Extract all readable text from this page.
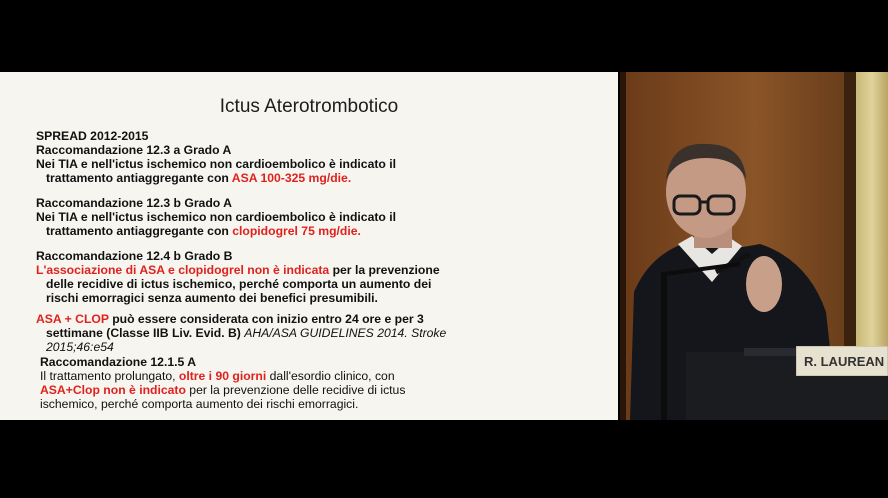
Ictus Aterotrombotico
SPREAD 2012-2015
Raccomandazione 12.3 a Grado A
Nei TIA e nell'ictus ischemico non cardioembolico è indicato il
trattamento antiaggregante con ASA 100-325 mg/die.
Raccomandazione 12.3 b Grado A
Nei TIA e nell'ictus ischemico non cardioembolico è indicato il
trattamento antiaggregante con clopidogrel 75 mg/die.
Raccomandazione 12.4 b Grado B
L'associazione di ASA e clopidogrel non è indicata per la prevenzione
delle recidive di ictus ischemico, perché comporta un aumento dei
rischi emorragici senza aumento dei benefici presumibili.
ASA + CLOP può essere considerata con inizio entro 24 ore e per 3
settimane (Classe IIB Liv. Evid. B) AHA/ASA GUIDELINES 2014. Stroke
2015;46:e54
Raccomandazione 12.1.5 A
Il trattamento prolungato, oltre i 90 giorni dall'esordio clinico, con
ASA+Clop non è indicato per la prevenzione delle recidive di ictus
ischemico, perché comporta aumento dei rischi emorragici.
R. LAUREAN
